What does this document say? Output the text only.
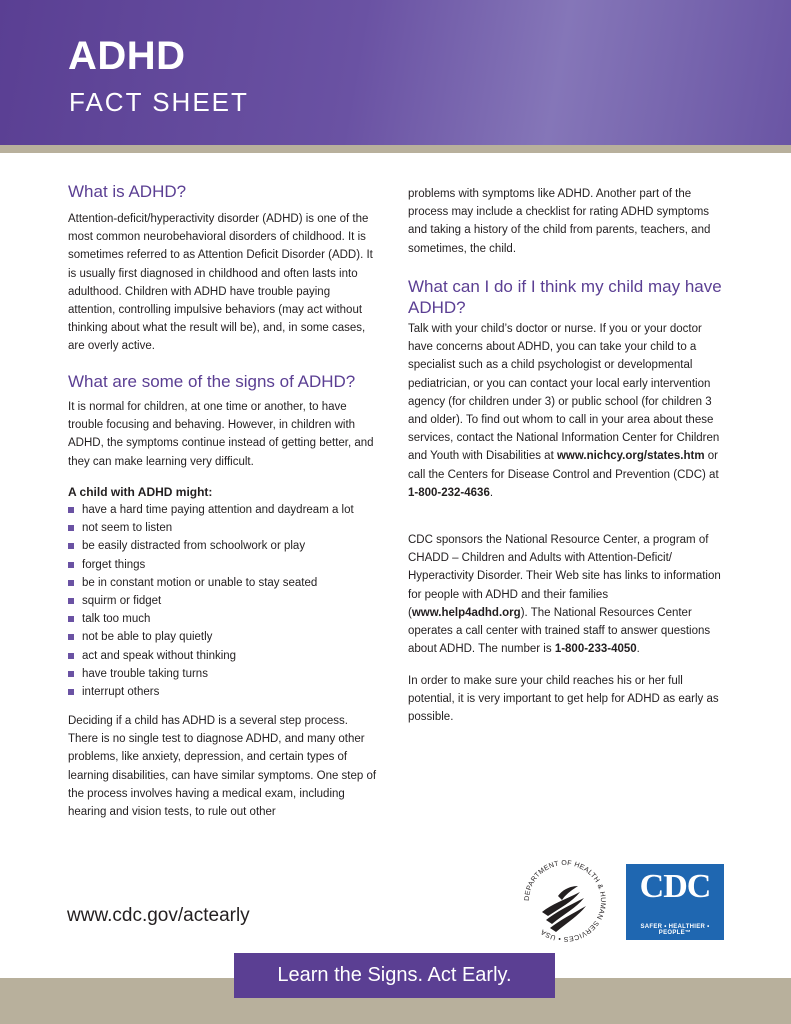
ADHD
FACT SHEET
What is ADHD?

Attention-deficit/hyperactivity disorder (ADHD) is one of the most common neurobehavioral disorders of childhood. It is sometimes referred to as Attention Deficit Disorder (ADD). It is usually first diagnosed in childhood and often lasts into adulthood. Children with ADHD have trouble paying attention, controlling impulsive behaviors (may act without thinking about what the result will be), and, in some cases, are overly active.

What are some of the signs of ADHD?

It is normal for children, at one time or another, to have trouble focusing and behaving. However, in children with ADHD, the symptoms continue instead of getting better, and they can make learning very difficult.

A child with ADHD might:
have a hard time paying attention and daydream a lot
not seem to listen
be easily distracted from schoolwork or play
forget things
be in constant motion or unable to stay seated
squirm or fidget
talk too much
not be able to play quietly
act and speak without thinking
have trouble taking turns
interrupt others

Deciding if a child has ADHD is a several step process. There is no single test to diagnose ADHD, and many other problems, like anxiety, depression, and certain types of learning disabilities, can have similar symptoms. One step of the process involves having a medical exam, including hearing and vision tests, to rule out other

problems with symptoms like ADHD. Another part of the process may include a checklist for rating ADHD symptoms and taking a history of the child from parents, teachers, and sometimes, the child.

What can I do if I think my child may have ADHD?

Talk with your child’s doctor or nurse. If you or your doctor have concerns about ADHD, you can take your child to a specialist such as a child psychologist or developmental pediatrician, or you can contact your local early intervention agency (for children under 3) or public school (for children 3 and older). To find out whom to call in your area about these services, contact the National Information Center for Children and Youth with Disabilities at www.nichcy.org/states.htm or call the Centers for Disease Control and Prevention (CDC) at 1-800-232-4636.

CDC sponsors the National Resource Center, a program of CHADD – Children and Adults with Attention-Deficit/ Hyperactivity Disorder. Their Web site has links to information for people with ADHD and their families (www.help4adhd.org). The National Resources Center operates a call center with trained staff to answer questions about ADHD. The number is 1-800-233-4050.

In order to make sure your child reaches his or her full potential, it is very important to get help for ADHD as early as possible.

www.cdc.gov/actearly
DEPARTMENT OF HEALTH & HUMAN SERVICES • USA
CDC
SAFER • HEALTHIER • PEOPLE™
Learn the Signs. Act Early.
